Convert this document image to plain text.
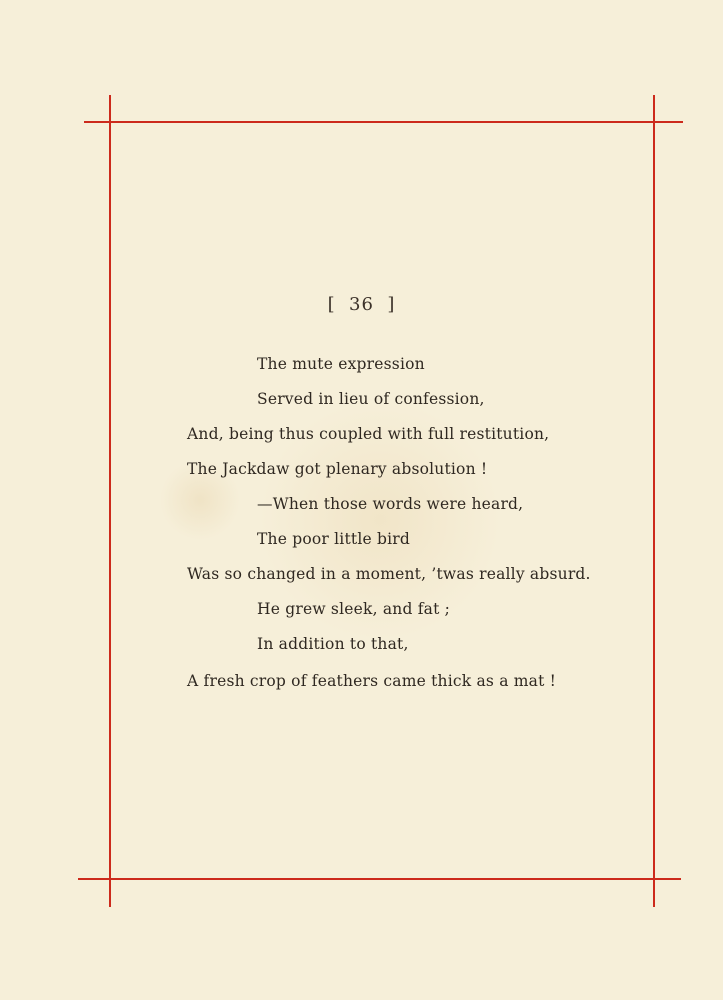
[  36  ]
The mute expression
Served in lieu of confession,
And, being thus coupled with full restitution,
The Jackdaw got plenary absolution !
—When those words were heard,
The poor little bird
Was so changed in a moment, ’twas really absurd.
He grew sleek, and fat ;
In addition to that,
A fresh crop of feathers came thick as a mat !
